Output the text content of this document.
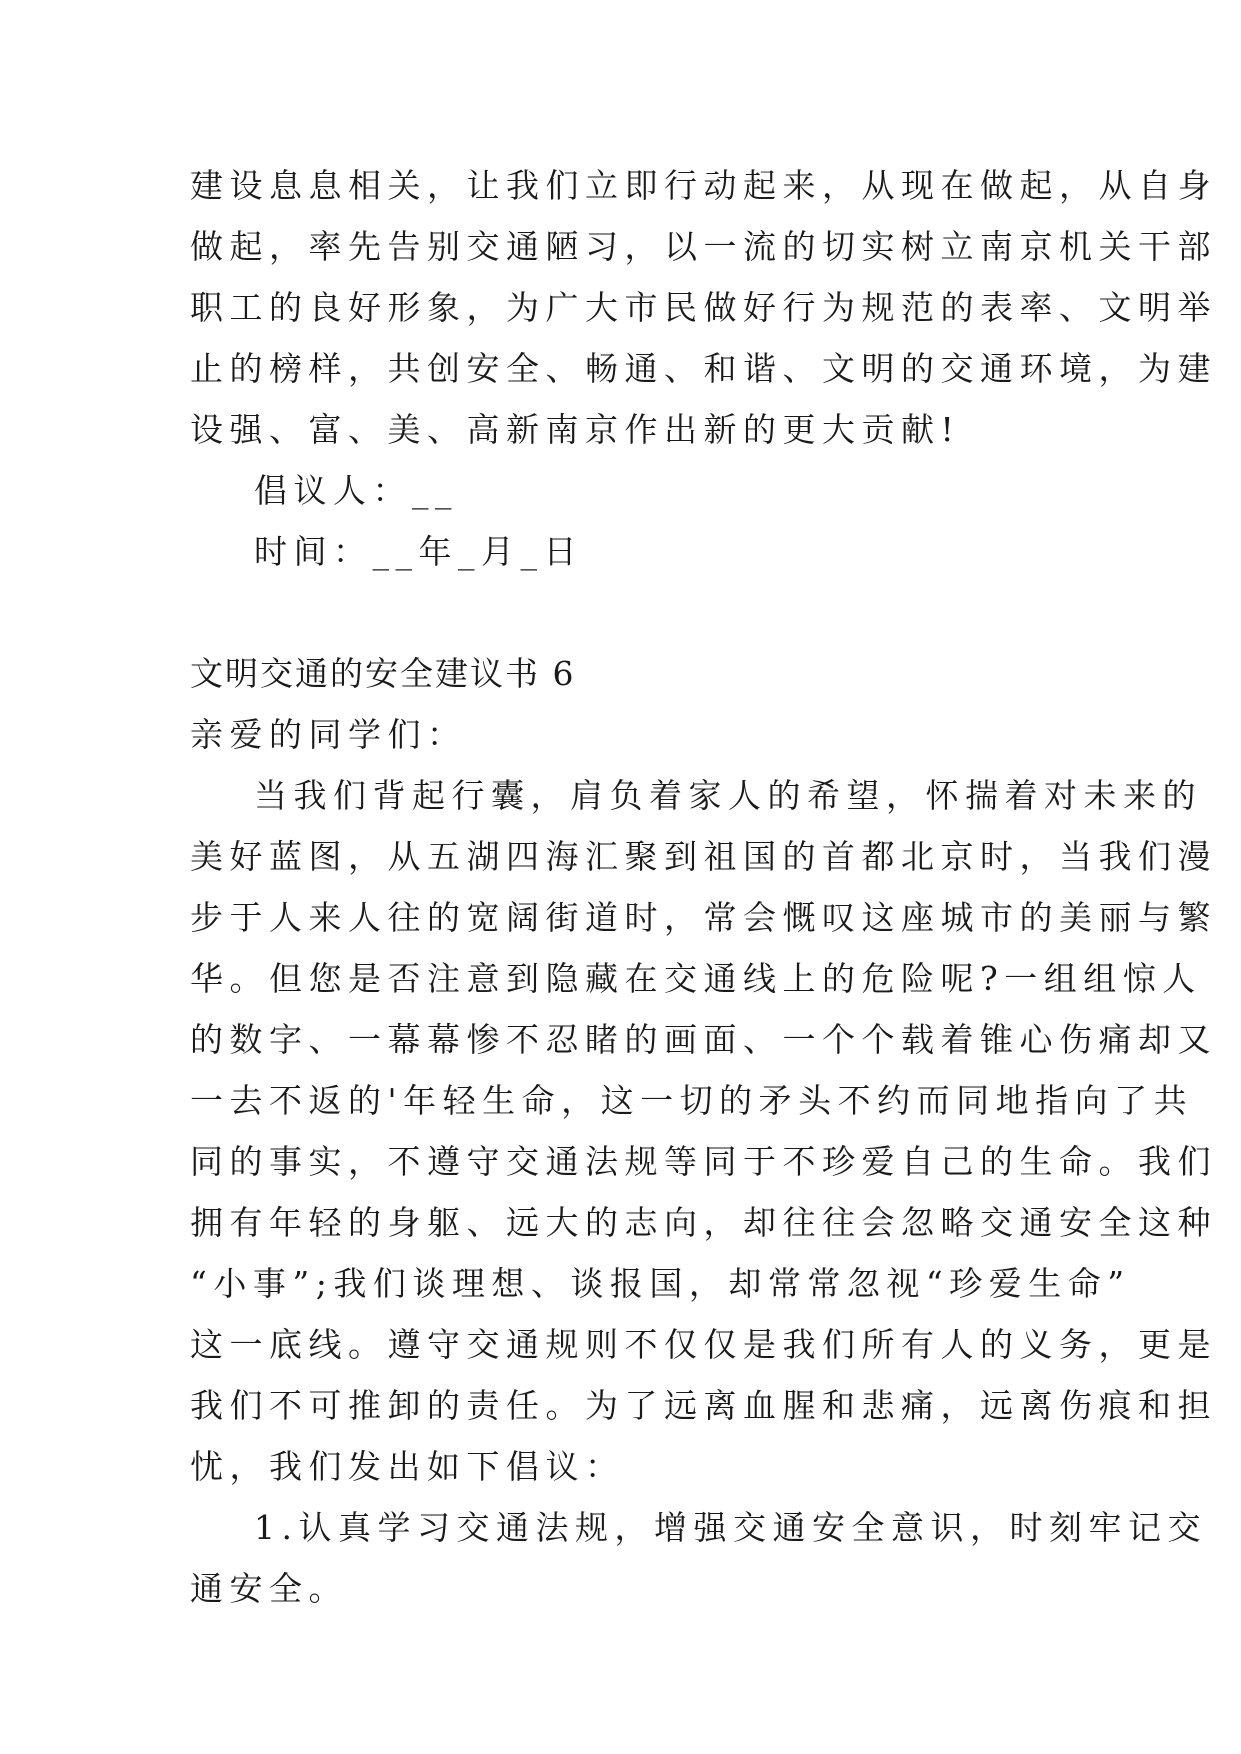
建设息息相关，让我们立即行动起来，从现在做起，从自身
做起，率先告别交通陋习，以一流的切实树立南京机关干部
职工的良好形象，为广大市民做好行为规范的表率、文明举
止的榜样，共创安全、畅通、和谐、文明的交通环境，为建
设强、富、美、高新南京作出新的更大贡献!
倡议人：__
时间：__年_月_日
文明交通的安全建议书 6
亲爱的同学们：
当我们背起行囊，肩负着家人的希望，怀揣着对未来的
美好蓝图，从五湖四海汇聚到祖国的首都北京时，当我们漫
步于人来人往的宽阔街道时，常会慨叹这座城市的美丽与繁
华。但您是否注意到隐藏在交通线上的危险呢?一组组惊人
的数字、一幕幕惨不忍睹的画面、一个个载着锥心伤痛却又
一去不返的'年轻生命，这一切的矛头不约而同地指向了共
同的事实，不遵守交通法规等同于不珍爱自己的生命。我们
拥有年轻的身躯、远大的志向，却往往会忽略交通安全这种
“小事”;我们谈理想、谈报国，却常常忽视“珍爱生命”
这一底线。遵守交通规则不仅仅是我们所有人的义务，更是
我们不可推卸的责任。为了远离血腥和悲痛，远离伤痕和担
忧，我们发出如下倡议：
1.认真学习交通法规，增强交通安全意识，时刻牢记交
通安全。
